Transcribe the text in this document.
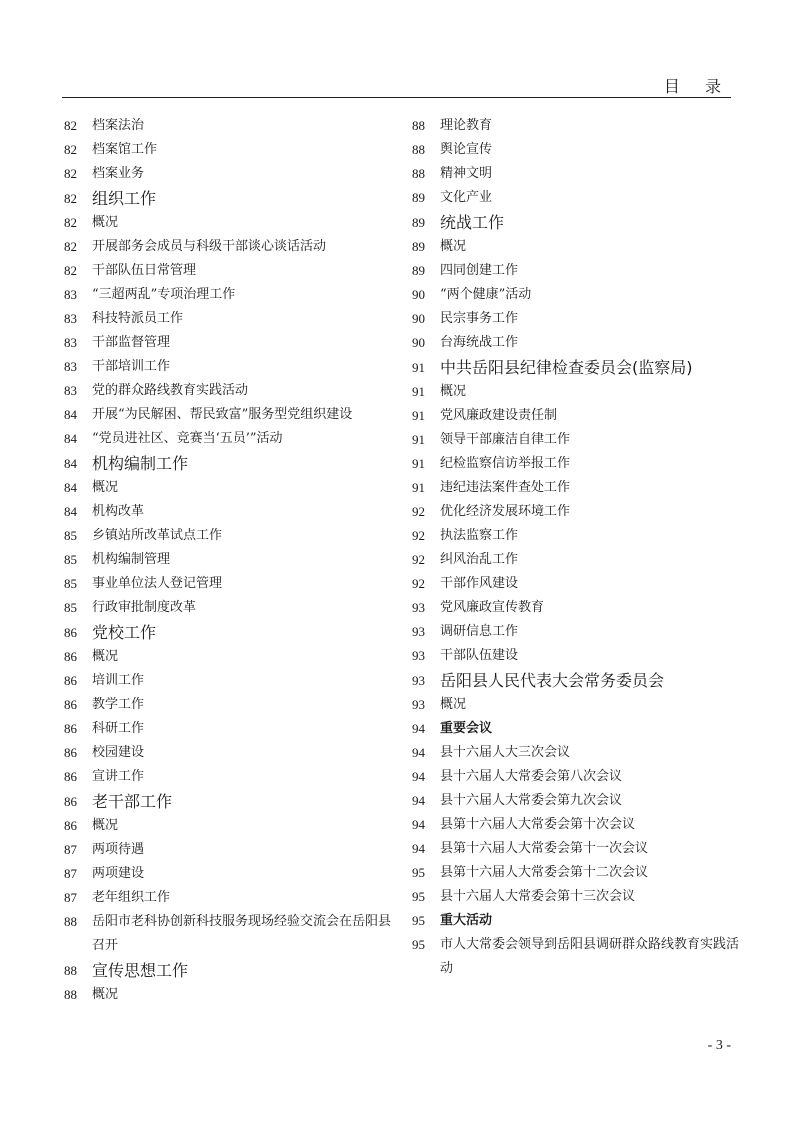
目 录
82	档案法治
82	档案馆工作
82	档案业务
82 组织工作
82	概况
82	开展部务会成员与科级干部谈心谈话活动
82	干部队伍日常管理
83	“三超两乱”专项治理工作
83	科技特派员工作
83	干部监督管理
83	干部培训工作
83	党的群众路线教育实践活动
84	开展“为民解困、帮民致富”服务型党组织建设
84	“党员进社区、竞赛当‘五员’”活动
84 机构编制工作
84	概况
84	机构改革
85	乡镇站所改革试点工作
85	机构编制管理
85	事业单位法人登记管理
85	行政审批制度改革
86 党校工作
86	概况
86	培训工作
86	教学工作
86	科研工作
86	校园建设
86	宣讲工作
86 老干部工作
86	概况
87	两项待遇
87	两项建设
87	老年组织工作
88	岳阳市老科协创新科技服务现场经验交流会在岳阳县召开
88 宣传思想工作
88	概况
88	理论教育
88	舆论宣传
88	精神文明
89	文化产业
89 统战工作
89	概况
89	四同创建工作
90	“两个健康”活动
90	民宗事务工作
90	台海统战工作
91 中共岳阳县纪律检查委员会(监察局)
91	概况
91	党风廉政建设责任制
91	领导干部廉洁自律工作
91	纪检监察信访举报工作
91	违纪违法案件查处工作
92	优化经济发展环境工作
92	执法监察工作
92	纠风治乱工作
92	干部作风建设
93	党风廉政宣传教育
93	调研信息工作
93	干部队伍建设
93 岳阳县人民代表大会常务委员会
93	概况
94	重要会议
94	县十六届人大三次会议
94	县十六届人大常委会第八次会议
94	县十六届人大常委会第九次会议
94	县第十六届人大常委会第十次会议
94	县第十六届人大常委会第十一次会议
95	县第十六届人大常委会第十二次会议
95	县十六届人大常委会第十三次会议
95	重大活动
95	市人大常委会领导到岳阳县调研群众路线教育实践活动
- 3 -
